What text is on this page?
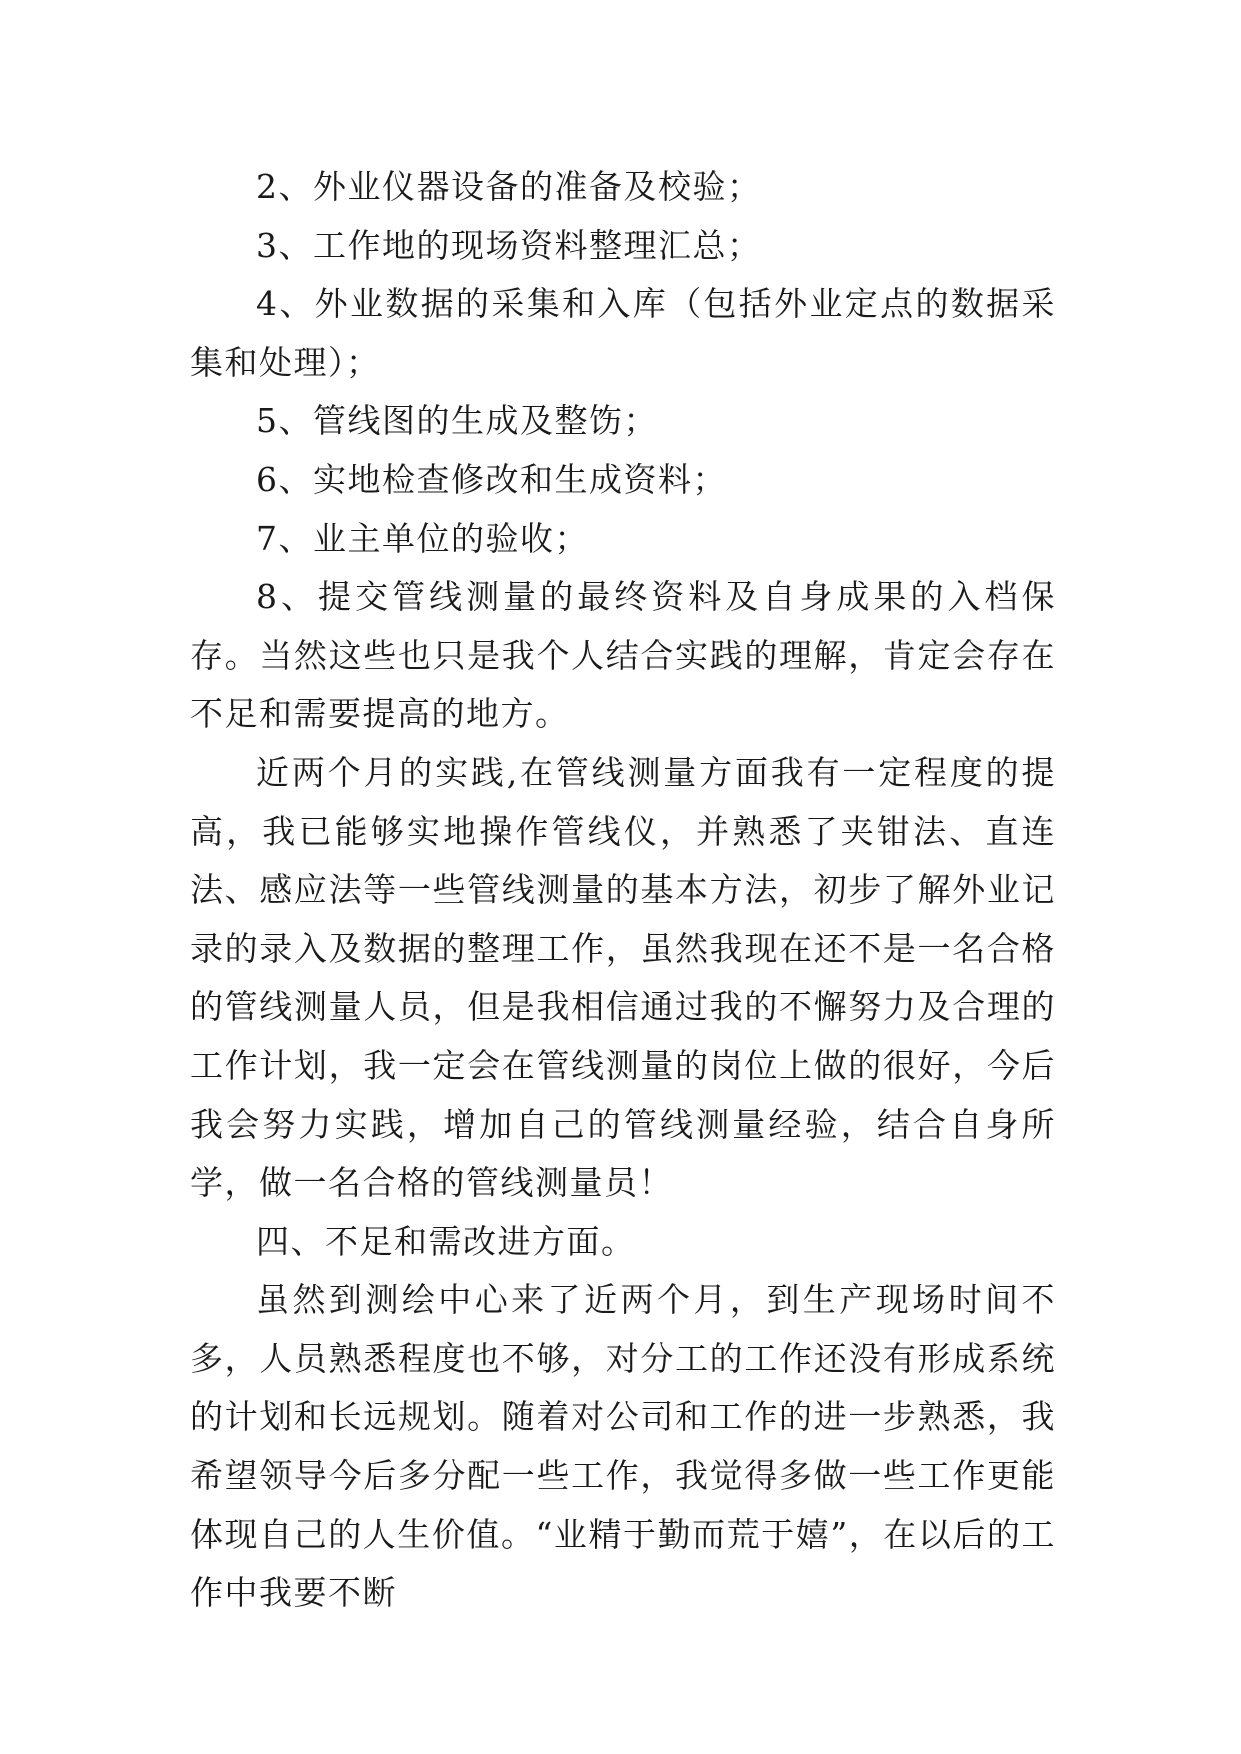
2、外业仪器设备的准备及校验；

3、工作地的现场资料整理汇总；

4、外业数据的采集和入库（包括外业定点的数据采集和处理）；

5、管线图的生成及整饬；

6、实地检查修改和生成资料；

7、业主单位的验收；

8、提交管线测量的最终资料及自身成果的入档保存。当然这些也只是我个人结合实践的理解，肯定会存在不足和需要提高的地方。

近两个月的实践,在管线测量方面我有一定程度的提高，我已能够实地操作管线仪，并熟悉了夹钳法、直连法、感应法等一些管线测量的基本方法，初步了解外业记录的录入及数据的整理工作，虽然我现在还不是一名合格的管线测量人员，但是我相信通过我的不懈努力及合理的工作计划，我一定会在管线测量的岗位上做的很好，今后我会努力实践，增加自己的管线测量经验，结合自身所学，做一名合格的管线测量员！

四、不足和需改进方面。

虽然到测绘中心来了近两个月，到生产现场时间不多，人员熟悉程度也不够，对分工的工作还没有形成系统的计划和长远规划。随着对公司和工作的进一步熟悉，我希望领导今后多分配一些工作，我觉得多做一些工作更能体现自己的人生价值。“业精于勤而荒于嬉”，在以后的工作中我要不断
